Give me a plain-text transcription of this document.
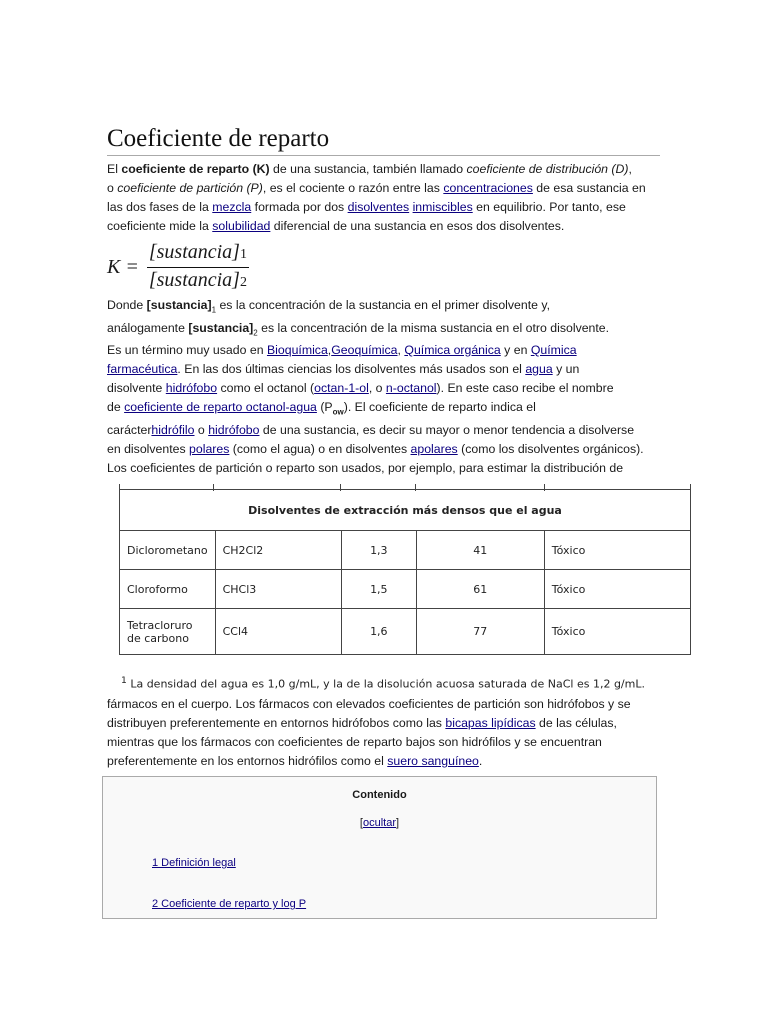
Coeficiente de reparto
El coeficiente de reparto (K) de una sustancia, también llamado coeficiente de distribución (D),
o coeficiente de partición (P), es el cociente o razón entre las concentraciones de esa sustancia en
las dos fases de la mezcla formada por dos disolventes inmiscibles en equilibrio. Por tanto, ese
coeficiente mide la solubilidad diferencial de una sustancia en esos dos disolventes.
$K = \frac{\text{[sustancia]1}}{\text{[sustancia]2}}$
Donde $[sustancia]_1$ es la concentración de la sustancia en el primer disolvente y,
análogamente $[sustancia]_2$ es la concentración de la misma sustancia en el otro disolvente.
Es un término muy usado en Bioquímica,Geoquímica, Química orgánica y en Química
farmacéutica. En las dos últimas ciencias los disolventes más usados son el agua y un
disolvente hidrófobo como el octanol (octan-1-ol, o n-octanol). En este caso recibe el nombre
de coeficiente de reparto octanol-agua $(P_{ow})$. El coeficiente de reparto indica el
carácterhidrófilo o hidrófobo de una sustancia, es decir su mayor o menor tendencia a disolverse
en disolventes polares (como el agua) o en disolventes apolares (como los disolventes orgánicos).
Los coeficientes de partición o reparto son usados, por ejemplo, para estimar la distribución de
Disolventes de extracción más densos que el agua				
Diclorometano	CH2Cl2	1,3	41	Tóxico
Cloroformo	CHCl3	1,5	61	Tóxico
Tetracloruro de carbono	CCl4	1,6	77	Tóxico
$^1$ La densidad del agua es 1,0 g/mL, y la de la disolución acuosa saturada de NaCl es 1,2 g/mL.
fármacos en el cuerpo. Los fármacos con elevados coeficientes de partición son hidrófobos y se
distribuyen preferentemente en entornos hidrófobos como las bicapas lipídicas de las células,
mientras que los fármacos con coeficientes de reparto bajos son hidrófilos y se encuentran
preferentemente en los entornos hidrófilos como el suero sanguíneo.
Contenido
[ocultar]
1 Definición legal
2 Coeficiente de reparto y log P
